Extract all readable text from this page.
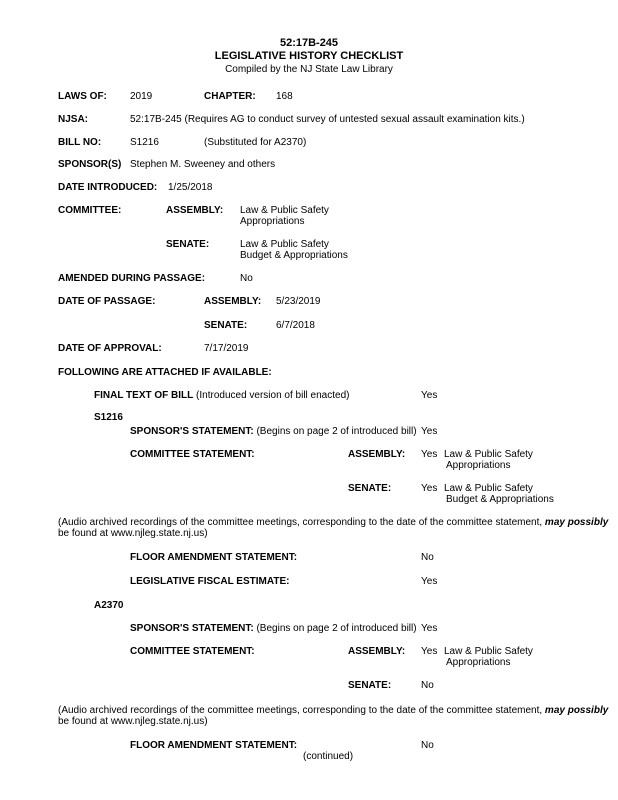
52:17B-245
LEGISLATIVE HISTORY CHECKLIST
Compiled by the NJ State Law Library
LAWS OF: 2019	CHAPTER: 168
NJSA:	52:17B-245 (Requires AG to conduct survey of untested sexual assault examination kits.)
BILL NO:	S1216	(Substituted for A2370)
SPONSOR(S) Stephen M. Sweeney and others
DATE INTRODUCED: 1/25/2018
COMMITTEE:	ASSEMBLY: Law & Public Safety
Appropriations
SENATE:	Law & Public Safety
Budget & Appropriations
AMENDED DURING PASSAGE:	No
DATE OF PASSAGE:	ASSEMBLY: 5/23/2019
SENATE:	6/7/2018
DATE OF APPROVAL:	7/17/2019
FOLLOWING ARE ATTACHED IF AVAILABLE:
FINAL TEXT OF BILL (Introduced version of bill enacted)	Yes
S1216
SPONSOR'S STATEMENT: (Begins on page 2 of introduced bill) Yes
COMMITTEE STATEMENT:	ASSEMBLY: Yes Law & Public Safety
Appropriations
SENATE:	Yes Law & Public Safety
Budget & Appropriations
(Audio archived recordings of the committee meetings, corresponding to the date of the committee statement, may possibly
be found at www.njleg.state.nj.us)
FLOOR AMENDMENT STATEMENT:	No
LEGISLATIVE FISCAL ESTIMATE:	Yes
A2370
SPONSOR'S STATEMENT: (Begins on page 2 of introduced bill) Yes
COMMITTEE STATEMENT:	ASSEMBLY: Yes Law & Public Safety
Appropriations
SENATE:	No
(Audio archived recordings of the committee meetings, corresponding to the date of the committee statement, may possibly
be found at www.njleg.state.nj.us)
FLOOR AMENDMENT STATEMENT:	No
(continued)
